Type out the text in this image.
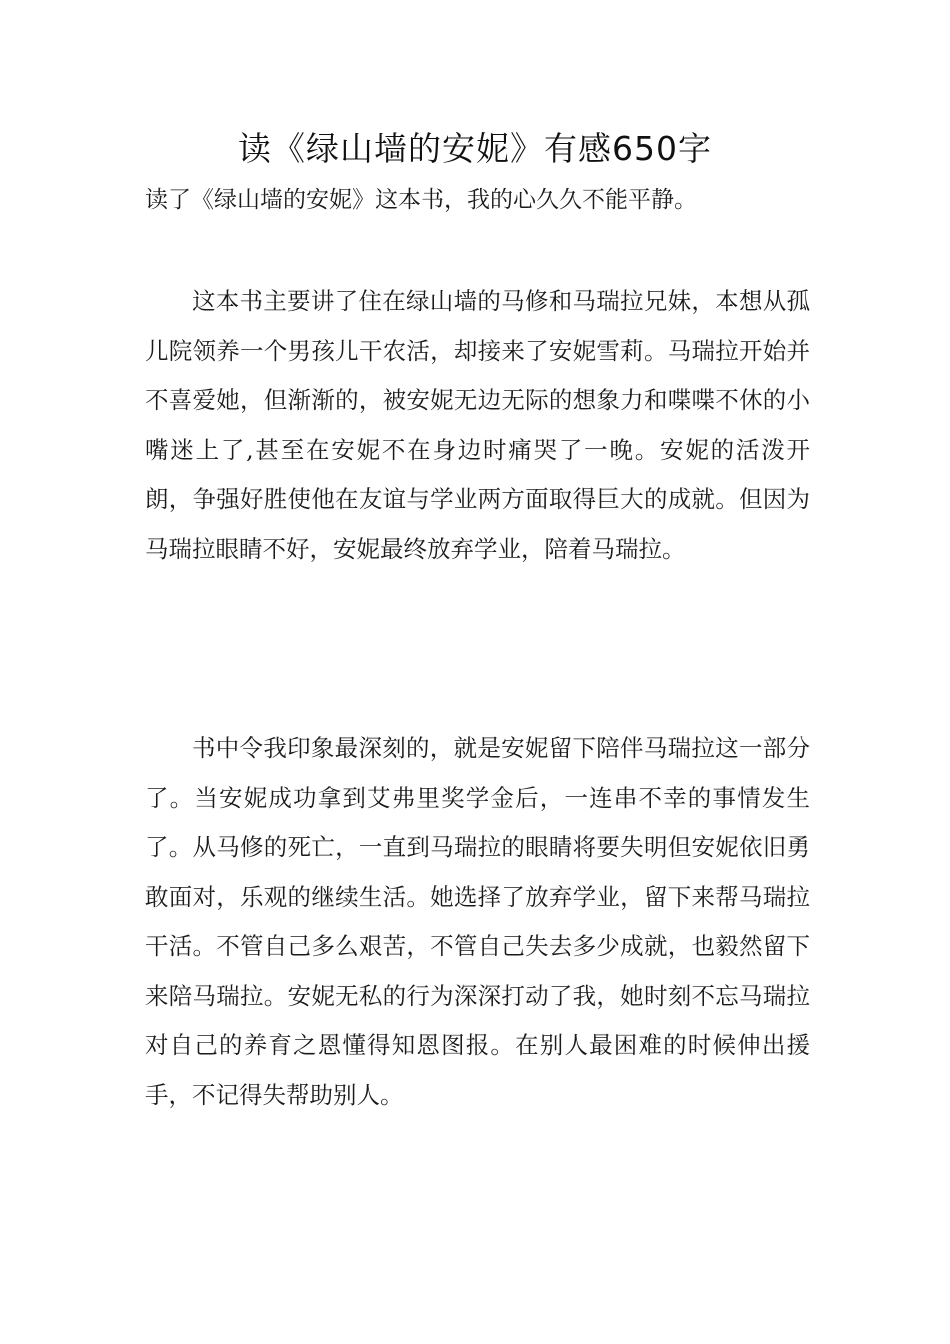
读《绿山墙的安妮》有感650字

读了《绿山墙的安妮》这本书，我的心久久不能平静。

这本书主要讲了住在绿山墙的马修和马瑞拉兄妹，本想从孤儿院领养一个男孩儿干农活，却接来了安妮雪莉。马瑞拉开始并不喜爱她，但渐渐的，被安妮无边无际的想象力和喋喋不休的小嘴迷上了,甚至在安妮不在身边时痛哭了一晚。安妮的活泼开朗，争强好胜使他在友谊与学业两方面取得巨大的成就。但因为马瑞拉眼睛不好，安妮最终放弃学业，陪着马瑞拉。

书中令我印象最深刻的，就是安妮留下陪伴马瑞拉这一部分了。当安妮成功拿到艾弗里奖学金后，一连串不幸的事情发生了。从马修的死亡，一直到马瑞拉的眼睛将要失明但安妮依旧勇敢面对，乐观的继续生活。她选择了放弃学业，留下来帮马瑞拉干活。不管自己多么艰苦，不管自己失去多少成就，也毅然留下来陪马瑞拉。安妮无私的行为深深打动了我，她时刻不忘马瑞拉对自己的养育之恩懂得知恩图报。在别人最困难的时候伸出援手，不记得失帮助别人。
